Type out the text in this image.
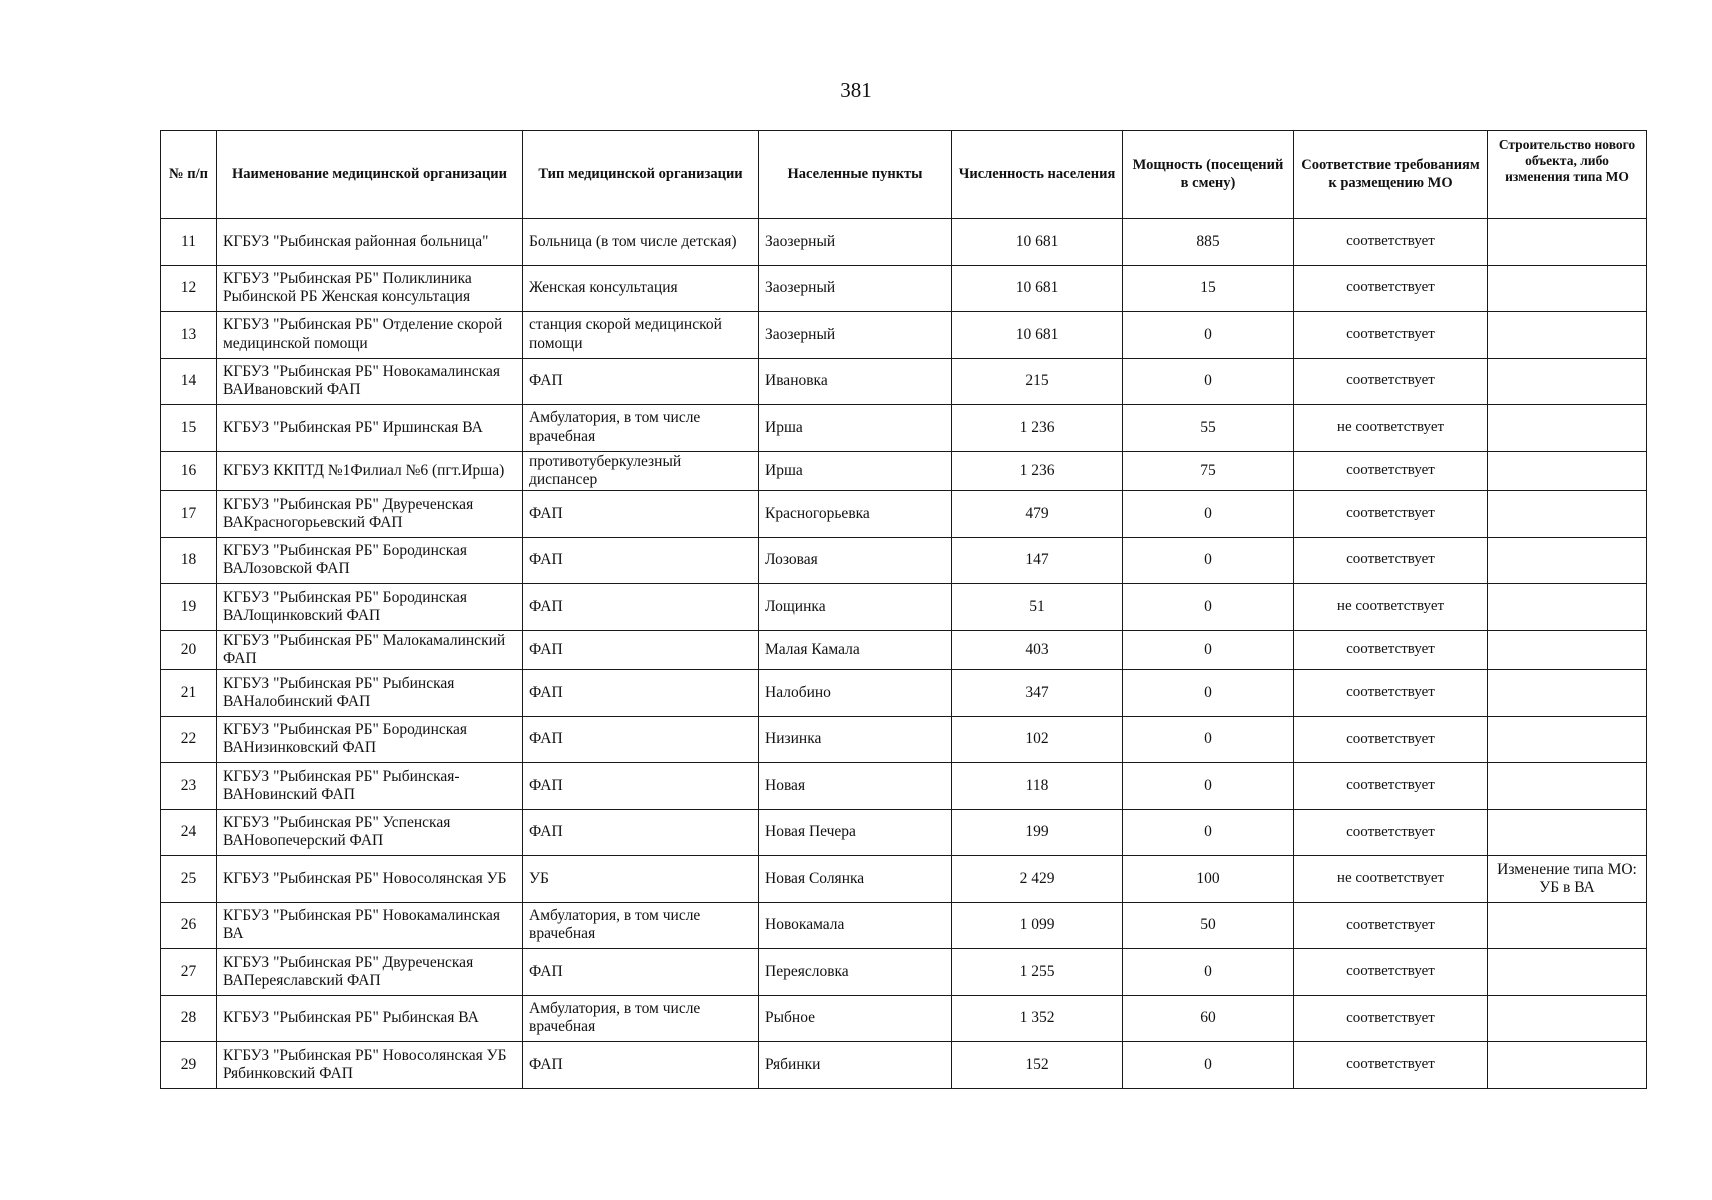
381
№ п/п	Наименование медицинской организации	Тип медицинской организации	Населенные пункты	Численность населения	Мощность (посещений в смену)	Соответствие требованиям к размещению МО	Строительство нового объекта, либо изменения типа МО
11	КГБУЗ "Рыбинская районная больница"	Больница (в том числе детская)	Заозерный	10 681	885	соответствует	
12	КГБУЗ "Рыбинская РБ" Поликлиника Рыбинской РБ Женская консультация	Женская консультация	Заозерный	10 681	15	соответствует	
13	КГБУЗ "Рыбинская РБ" Отделение скорой медицинской помощи	станция скорой медицинской помощи	Заозерный	10 681	0	соответствует	
14	КГБУЗ "Рыбинская РБ" Новокамалинская ВАИвановский ФАП	ФАП	Ивановка	215	0	соответствует	
15	КГБУЗ "Рыбинская РБ" Иршинская ВА	Амбулатория, в том числе врачебная	Ирша	1 236	55	не соответствует	
16	КГБУЗ ККПТД №1Филиал №6 (пгт.Ирша)	противотуберкулезный диспансер	Ирша	1 236	75	соответствует	
17	КГБУЗ "Рыбинская РБ" Двуреченская ВАКрасногорьевский ФАП	ФАП	Красногорьевка	479	0	соответствует	
18	КГБУЗ "Рыбинская РБ" Бородинская ВАЛозовской ФАП	ФАП	Лозовая	147	0	соответствует	
19	КГБУЗ "Рыбинская РБ" Бородинская ВАЛощинковский ФАП	ФАП	Лощинка	51	0	не соответствует	
20	КГБУЗ "Рыбинская РБ" Малокамалинский ФАП	ФАП	Малая Камала	403	0	соответствует	
21	КГБУЗ "Рыбинская РБ" Рыбинская ВАНалобинский ФАП	ФАП	Налобино	347	0	соответствует	
22	КГБУЗ "Рыбинская РБ" Бородинская ВАНизинковский ФАП	ФАП	Низинка	102	0	соответствует	
23	КГБУЗ "Рыбинская РБ" Рыбинская-ВАНовинский ФАП	ФАП	Новая	118	0	соответствует	
24	КГБУЗ "Рыбинская РБ" Успенская ВАНовопечерский ФАП	ФАП	Новая Печера	199	0	соответствует	
25	КГБУЗ "Рыбинская РБ" Новосолянская УБ	УБ	Новая Солянка	2 429	100	не соответствует	Изменение типа МО: УБ в ВА
26	КГБУЗ "Рыбинская РБ" Новокамалинская ВА	Амбулатория, в том числе врачебная	Новокамала	1 099	50	соответствует	
27	КГБУЗ "Рыбинская РБ" Двуреченская ВАПереяславский ФАП	ФАП	Переясловка	1 255	0	соответствует	
28	КГБУЗ "Рыбинская РБ" Рыбинская ВА	Амбулатория, в том числе врачебная	Рыбное	1 352	60	соответствует	
29	КГБУЗ "Рыбинская РБ" Новосолянская УБ Рябинковский ФАП	ФАП	Рябинки	152	0	соответствует	
